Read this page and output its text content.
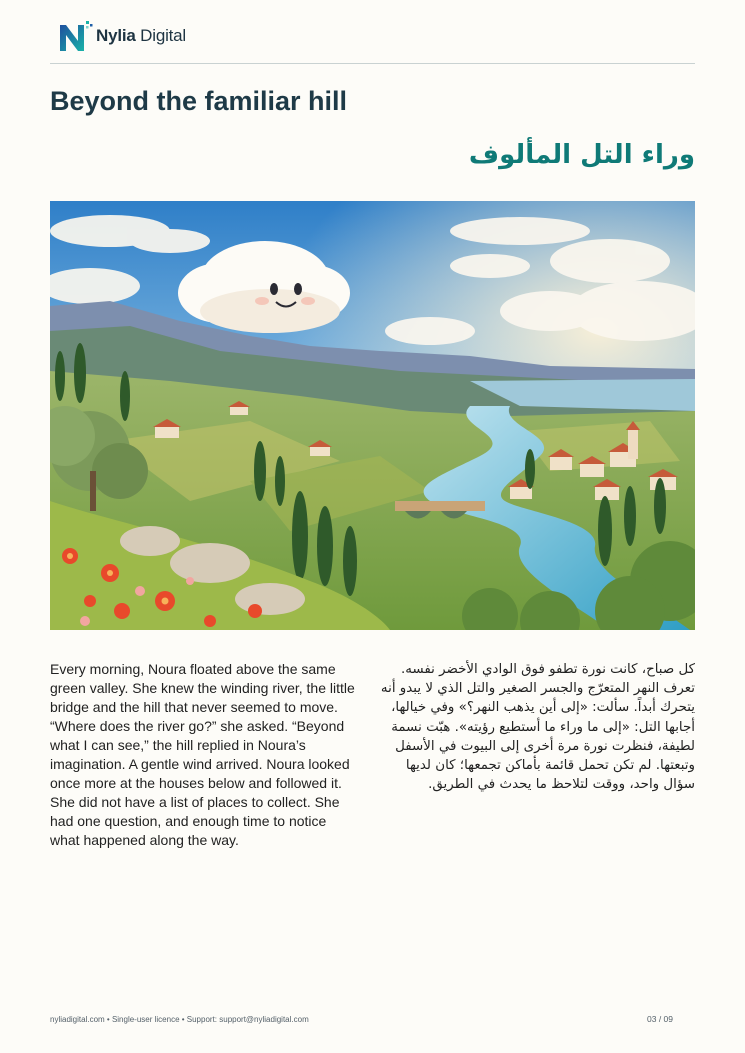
Nylia Digital
Beyond the familiar hill
وراء التل المألوف

Every morning, Noura floated above the same green valley. She knew the winding river, the little bridge and the hill that never seemed to move. “Where does the river go?” she asked. “Beyond what I can see,” the hill replied in Noura’s imagination. A gentle wind arrived. Noura looked once more at the houses below and followed it. She did not have a list of places to collect. She had one question, and enough time to notice what happened along the way.

كل صباح، كانت نورة تطفو فوق الوادي الأخضر نفسه. تعرف النهر المتعرّج والجسر الصغير والتل الذي لا يبدو أنه يتحرك أبداً. سألت: «إلى أين يذهب النهر؟» وفي خيالها، أجابها التل: «إلى ما وراء ما أستطيع رؤيته». هبّت نسمة لطيفة، فنظرت نورة مرة أخرى إلى البيوت في الأسفل وتبعتها. لم تكن تحمل قائمة بأماكن تجمعها؛ كان لديها سؤال واحد، ووقت لتلاحظ ما يحدث في الطريق.

nyliadigital.com • Single-user licence • Support: support@nyliadigital.com	03 / 09
